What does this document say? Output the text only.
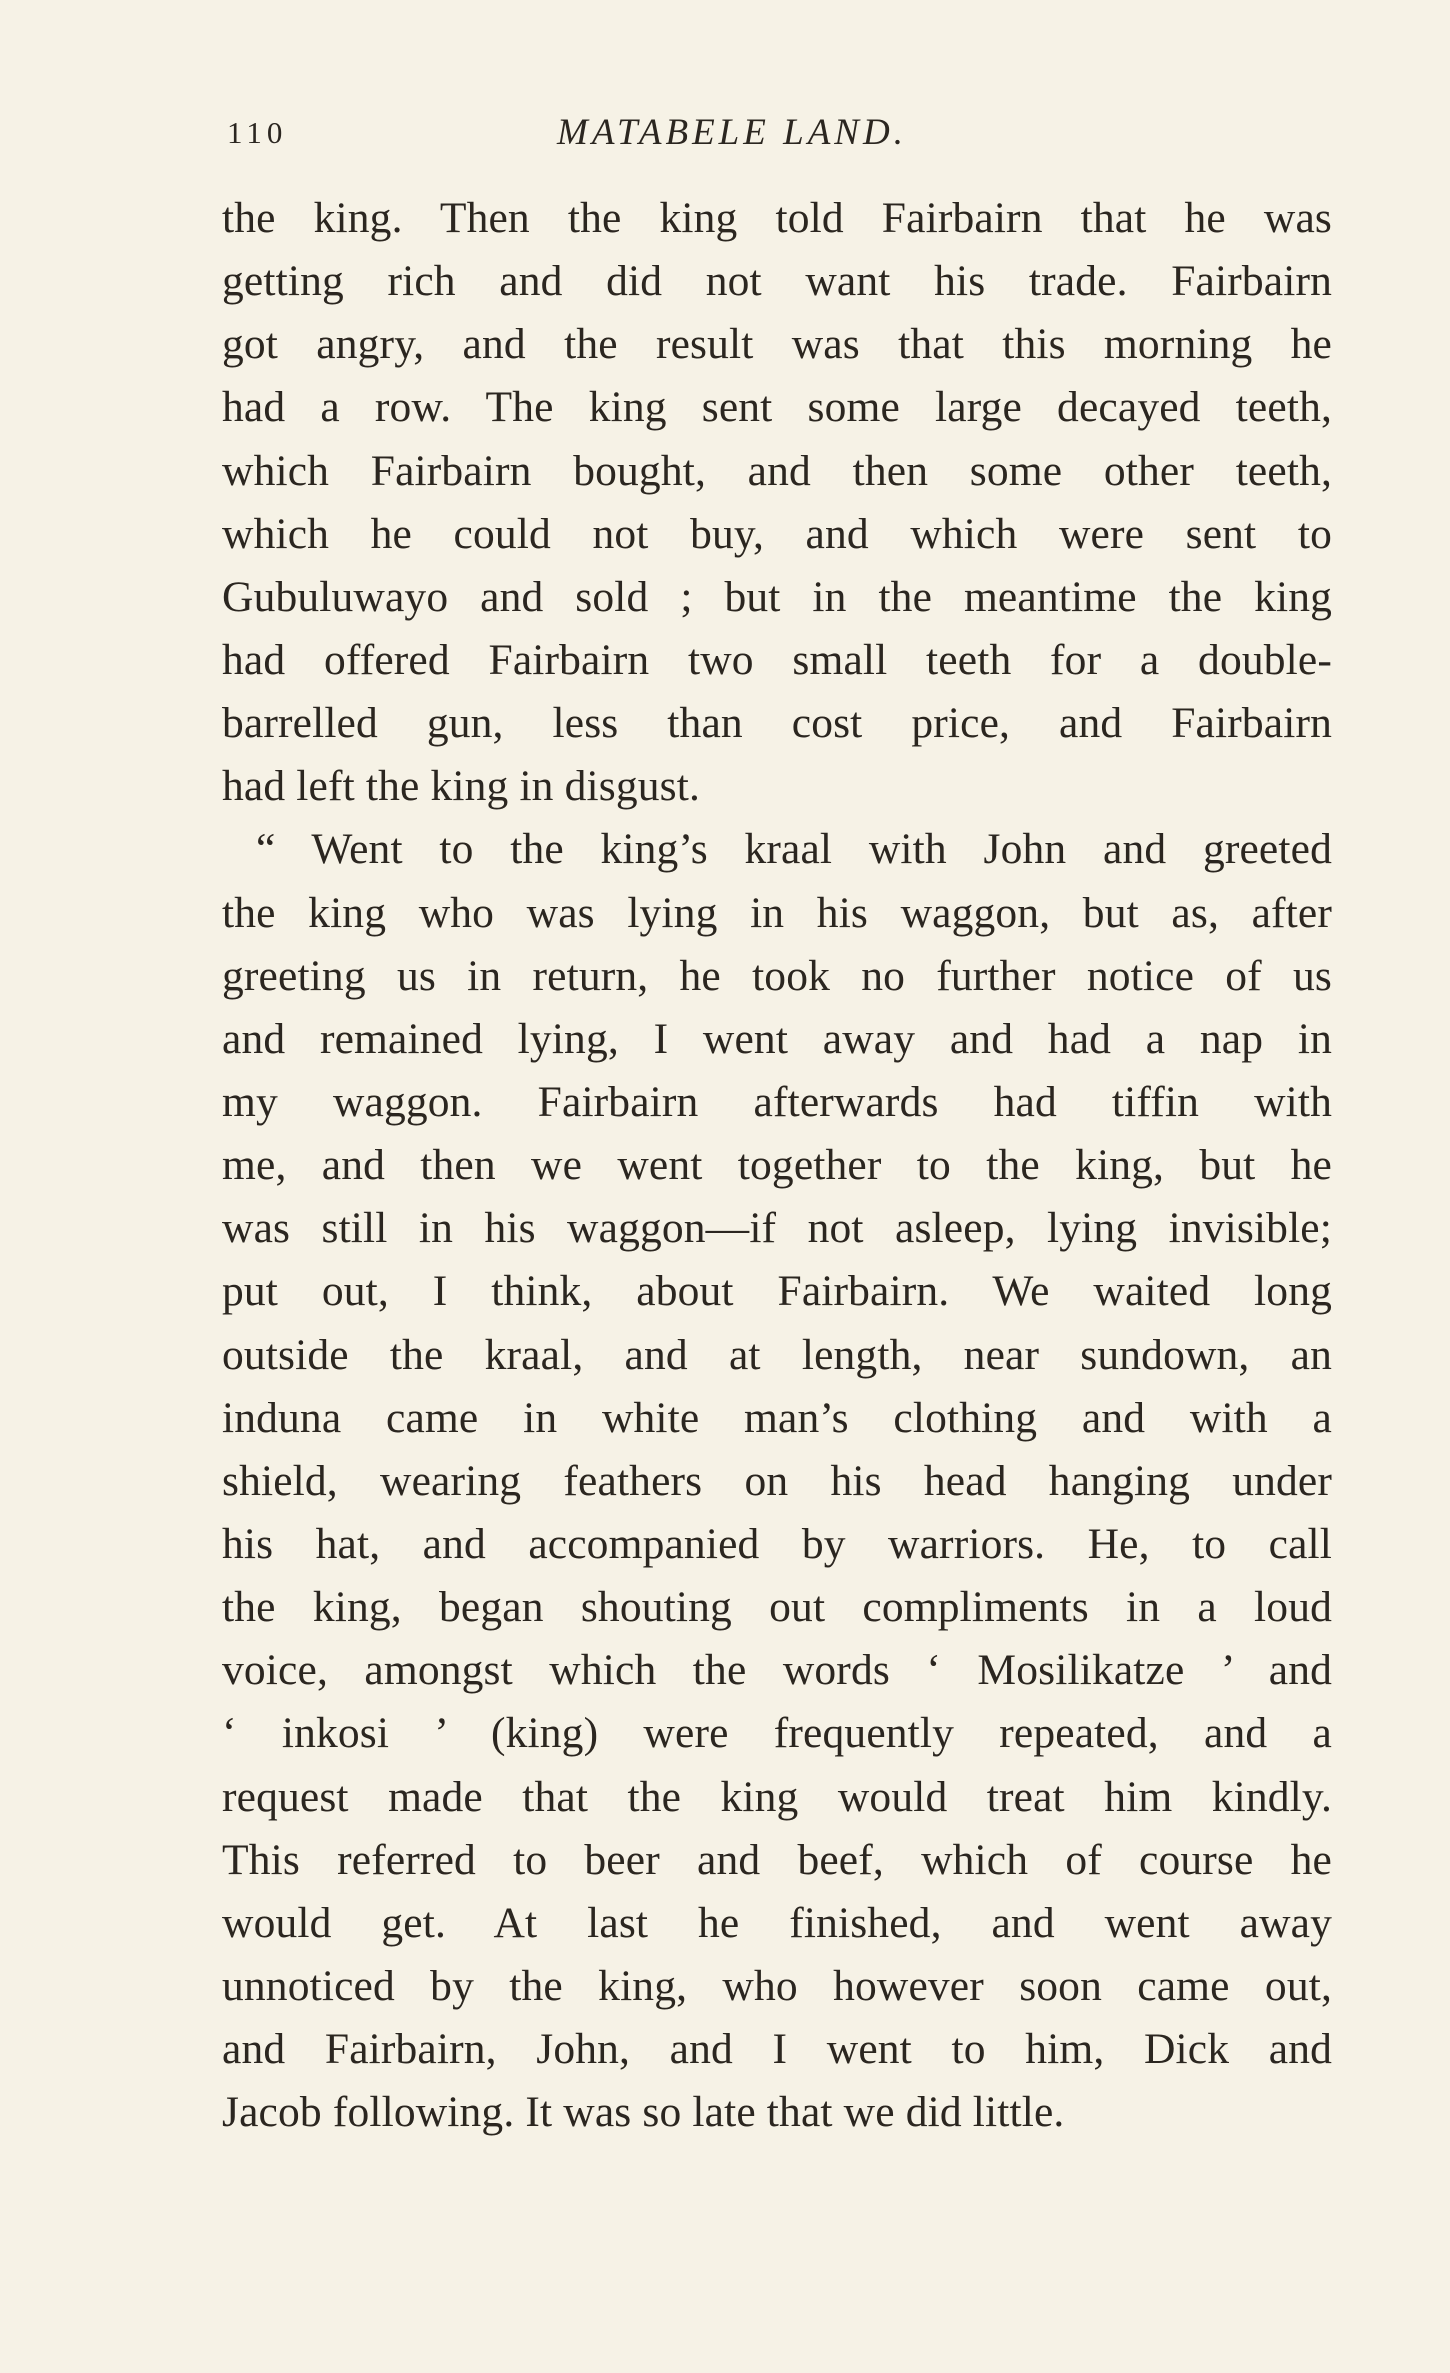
110	MATABELE LAND.
the king. Then the king told Fairbairn that he was
getting rich and did not want his trade. Fairbairn
got angry, and the result was that this morning he
had a row. The king sent some large decayed teeth,
which Fairbairn bought, and then some other teeth,
which he could not buy, and which were sent to
Gubuluwayo and sold ; but in the meantime the king
had offered Fairbairn two small teeth for a double-
barrelled gun, less than cost price, and Fairbairn
had left the king in disgust.
“ Went to the king’s kraal with John and greeted
the king who was lying in his waggon, but as, after
greeting us in return, he took no further notice of us
and remained lying, I went away and had a nap in
my waggon. Fairbairn afterwards had tiffin with
me, and then we went together to the king, but he
was still in his waggon—if not asleep, lying invisible;
put out, I think, about Fairbairn. We waited long
outside the kraal, and at length, near sundown, an
induna came in white man’s clothing and with a
shield, wearing feathers on his head hanging under
his hat, and accompanied by warriors. He, to call
the king, began shouting out compliments in a loud
voice, amongst which the words ‘ Mosilikatze ’ and
‘ inkosi ’ (king) were frequently repeated, and a
request made that the king would treat him kindly.
This referred to beer and beef, which of course he
would get. At last he finished, and went away
unnoticed by the king, who however soon came out,
and Fairbairn, John, and I went to him, Dick and
Jacob following. It was so late that we did little.
